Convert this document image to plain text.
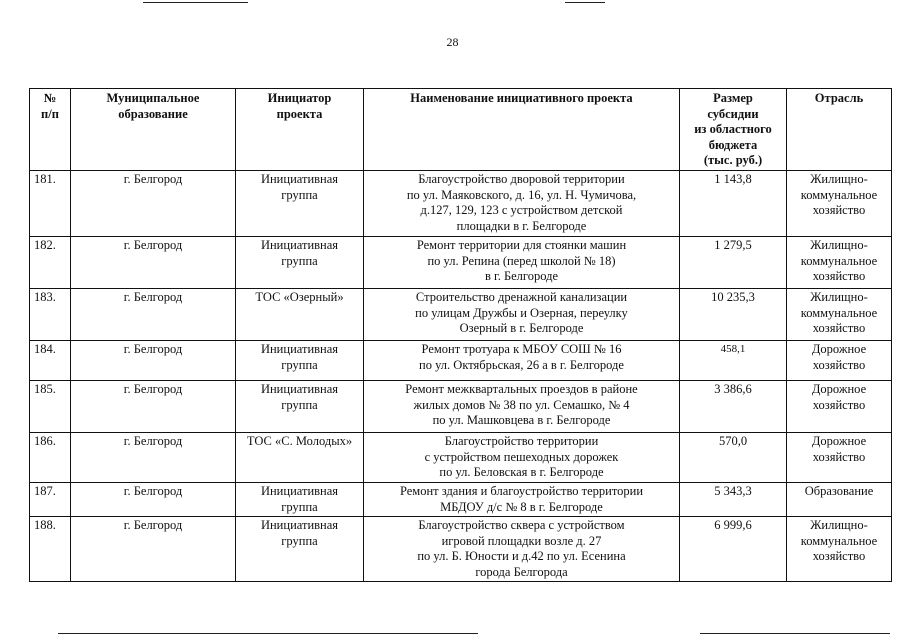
28
№
п/п	Муниципальное
образование	Инициатор
проекта	Наименование инициативного проекта	Размер
субсидии
из областного
бюджета
(тыс. руб.)	Отрасль
181.	г. Белгород	Инициативная
группа	Благоустройство дворовой территории
по ул. Маяковского, д. 16, ул. Н. Чумичова,
д.127, 129, 123 с устройством детской
площадки в г. Белгороде	1 143,8	Жилищно-
коммунальное
хозяйство
182.	г. Белгород	Инициативная
группа	Ремонт территории для стоянки машин
по ул. Репина (перед школой № 18)
в г. Белгороде	1 279,5	Жилищно-
коммунальное
хозяйство
183.	г. Белгород	ТОС «Озерный»	Строительство дренажной канализации
по улицам Дружбы и Озерная, переулку
Озерный в г. Белгороде	10 235,3	Жилищно-
коммунальное
хозяйство
184.	г. Белгород	Инициативная
группа	Ремонт тротуара к МБОУ СОШ № 16
по ул. Октябрьская, 26 а в г. Белгороде	458,1	Дорожное хозяйство
185.	г. Белгород	Инициативная
группа	Ремонт межквартальных проездов в районе
жилых домов № 38 по ул. Семашко, № 4
по ул. Машковцева в г. Белгороде	3 386,6	Дорожное хозяйство
186.	г. Белгород	ТОС «С. Молодых»	Благоустройство территории
с устройством пешеходных дорожек
по ул. Беловская в г. Белгороде	570,0	Дорожное хозяйство
187.	г. Белгород	Инициативная
группа	Ремонт здания и благоустройство территории
МБДОУ д/с № 8 в г. Белгороде	5 343,3	Образование
188.	г. Белгород	Инициативная
группа	Благоустройство сквера с устройством
игровой площадки возле д. 27
по ул. Б. Юности и д.42 по ул. Есенина
города Белгорода	6 999,6	Жилищно-
коммунальное
хозяйство
